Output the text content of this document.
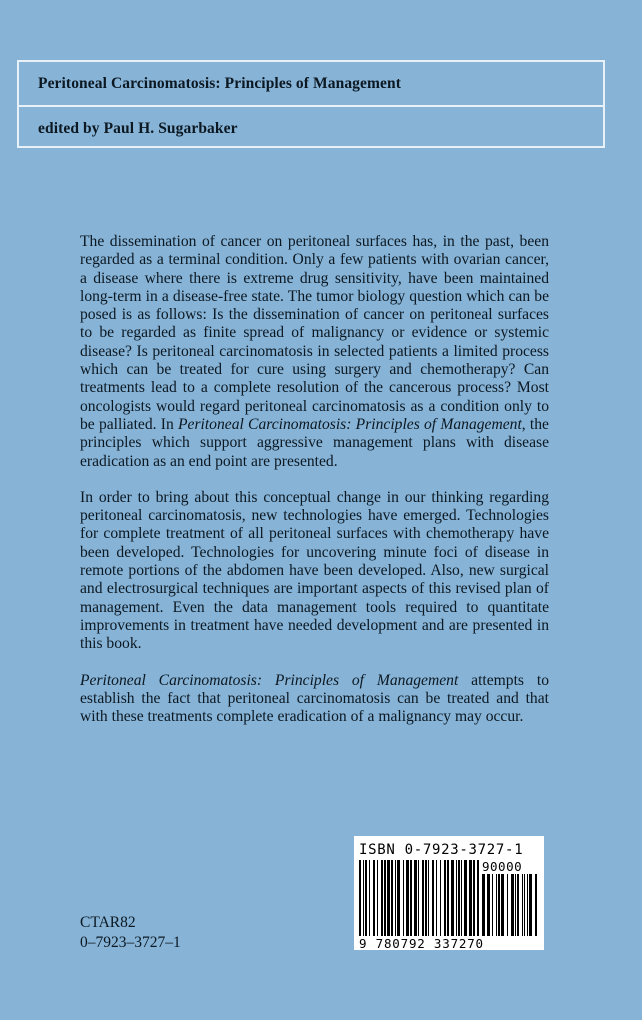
Peritoneal Carcinomatosis: Principles of Management
edited by Paul H. Sugarbaker

The dissemination of cancer on peritoneal surfaces has, in the past, been regarded as a terminal condition. Only a few patients with ovarian cancer, a disease where there is extreme drug sensitivity, have been maintained long-term in a disease-free state. The tumor biology question which can be posed is as follows: Is the dissemination of cancer on peritoneal surfaces to be regarded as finite spread of malignancy or evidence or systemic disease? Is peritoneal carcinomatosis in selected patients a limited process which can be treated for cure using surgery and chemotherapy? Can treatments lead to a complete resolution of the cancerous process? Most oncologists would regard peritoneal carcinomatosis as a condition only to be palliated. In Peritoneal Carcinomatosis: Principles of Management, the principles which support aggressive management plans with disease eradication as an end point are presented.

In order to bring about this conceptual change in our thinking regarding peritoneal carcinomatosis, new technologies have emerged. Technologies for complete treatment of all peritoneal surfaces with chemotherapy have been developed. Technologies for uncovering minute foci of disease in remote portions of the abdomen have been developed. Also, new surgical and electrosurgical techniques are important aspects of this revised plan of management. Even the data management tools required to quantitate improvements in treatment have needed development and are presented in this book.

Peritoneal Carcinomatosis: Principles of Management attempts to establish the fact that peritoneal carcinomatosis can be treated and that with these treatments complete eradication of a malignancy may occur.

ISBN 0-7923-3727-1
90000
9 780792 337270
CTAR82
0–7923–3727–1
